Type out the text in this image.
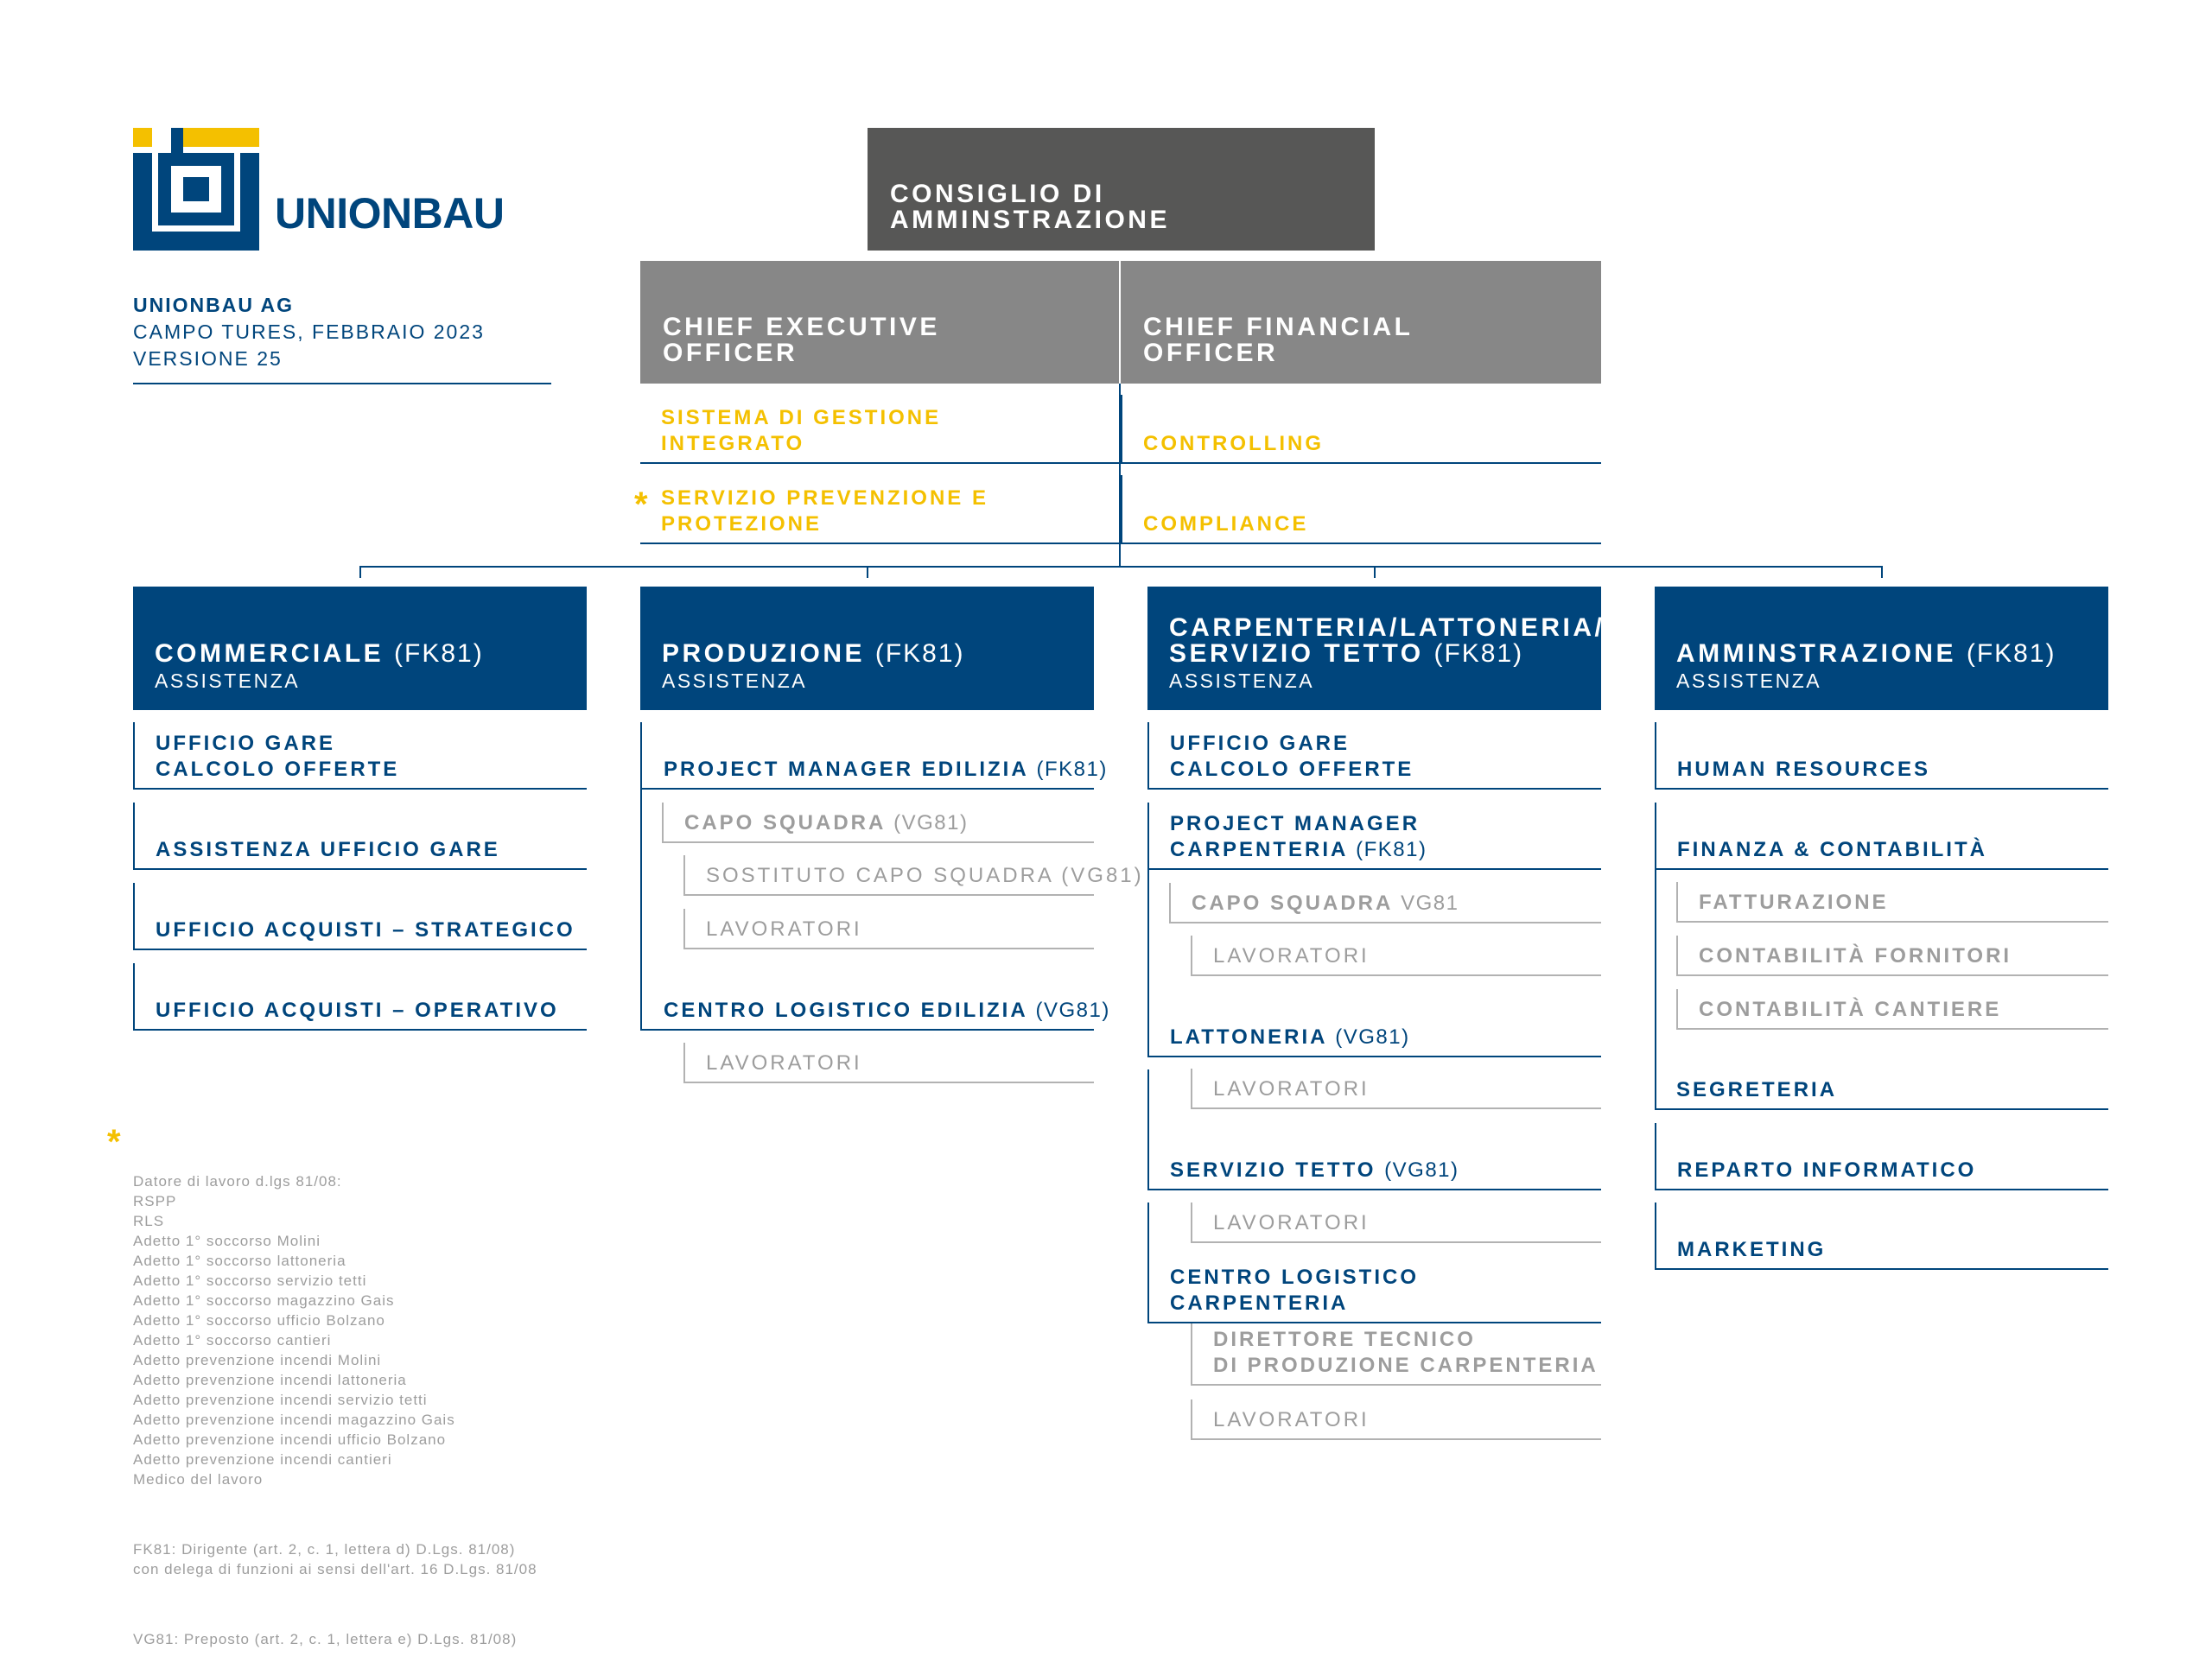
UNIONBAU
UNIONBAU AG
CAMPO TURES, FEBBRAIO 2023
VERSIONE 25
CONSIGLIO DI
AMMINSTRAZIONE
CHIEF EXECUTIVE
OFFICER
CHIEF FINANCIAL
OFFICER
SISTEMA DI GESTIONE
INTEGRATO
SERVIZIO PREVENZIONE E
PROTEZIONE
*
CONTROLLING
COMPLIANCE
COMMERCIALE (FK81)
ASSISTENZA
PRODUZIONE (FK81)
ASSISTENZA
CARPENTERIA/LATTONERIA/
SERVIZIO TETTO (FK81)
ASSISTENZA
AMMINSTRAZIONE (FK81)
ASSISTENZA
UFFICIO GARE
CALCOLO OFFERTE
ASSISTENZA UFFICIO GARE
UFFICIO ACQUISTI – STRATEGICO
UFFICIO ACQUISTI – OPERATIVO
PROJECT MANAGER EDILIZIA (FK81)
CAPO SQUADRA (VG81)
SOSTITUTO CAPO SQUADRA (VG81)
LAVORATORI
CENTRO LOGISTICO EDILIZIA (VG81)
LAVORATORI
UFFICIO GARE
CALCOLO OFFERTE
PROJECT MANAGER
CARPENTERIA (FK81)
CAPO SQUADRA VG81
LAVORATORI
LATTONERIA (VG81)
LAVORATORI
SERVIZIO TETTO (VG81)
LAVORATORI
CENTRO LOGISTICO
CARPENTERIA
DIRETTORE TECNICO
DI PRODUZIONE CARPENTERIA
LAVORATORI
HUMAN RESOURCES
FINANZA & CONTABILITÀ
FATTURAZIONE
CONTABILITÀ FORNITORI
CONTABILITÀ CANTIERE
SEGRETERIA
REPARTO INFORMATICO
MARKETING
*

Datore di lavoro d.lgs 81/08:
RSPP
RLS
Adetto 1° soccorso Molini
Adetto 1° soccorso lattoneria
Adetto 1° soccorso servizio tetti
Adetto 1° soccorso magazzino Gais
Adetto 1° soccorso ufficio Bolzano
Adetto 1° soccorso cantieri
Adetto prevenzione incendi Molini
Adetto prevenzione incendi lattoneria
Adetto prevenzione incendi servizio tetti
Adetto prevenzione incendi magazzino Gais
Adetto prevenzione incendi ufficio Bolzano
Adetto prevenzione incendi cantieri
Medico del lavoro

FK81: Dirigente (art. 2, c. 1, lettera d) D.Lgs. 81/08)
con delega di funzioni ai sensi dell'art. 16 D.Lgs. 81/08

VG81: Preposto (art. 2, c. 1, lettera e) D.Lgs. 81/08)
